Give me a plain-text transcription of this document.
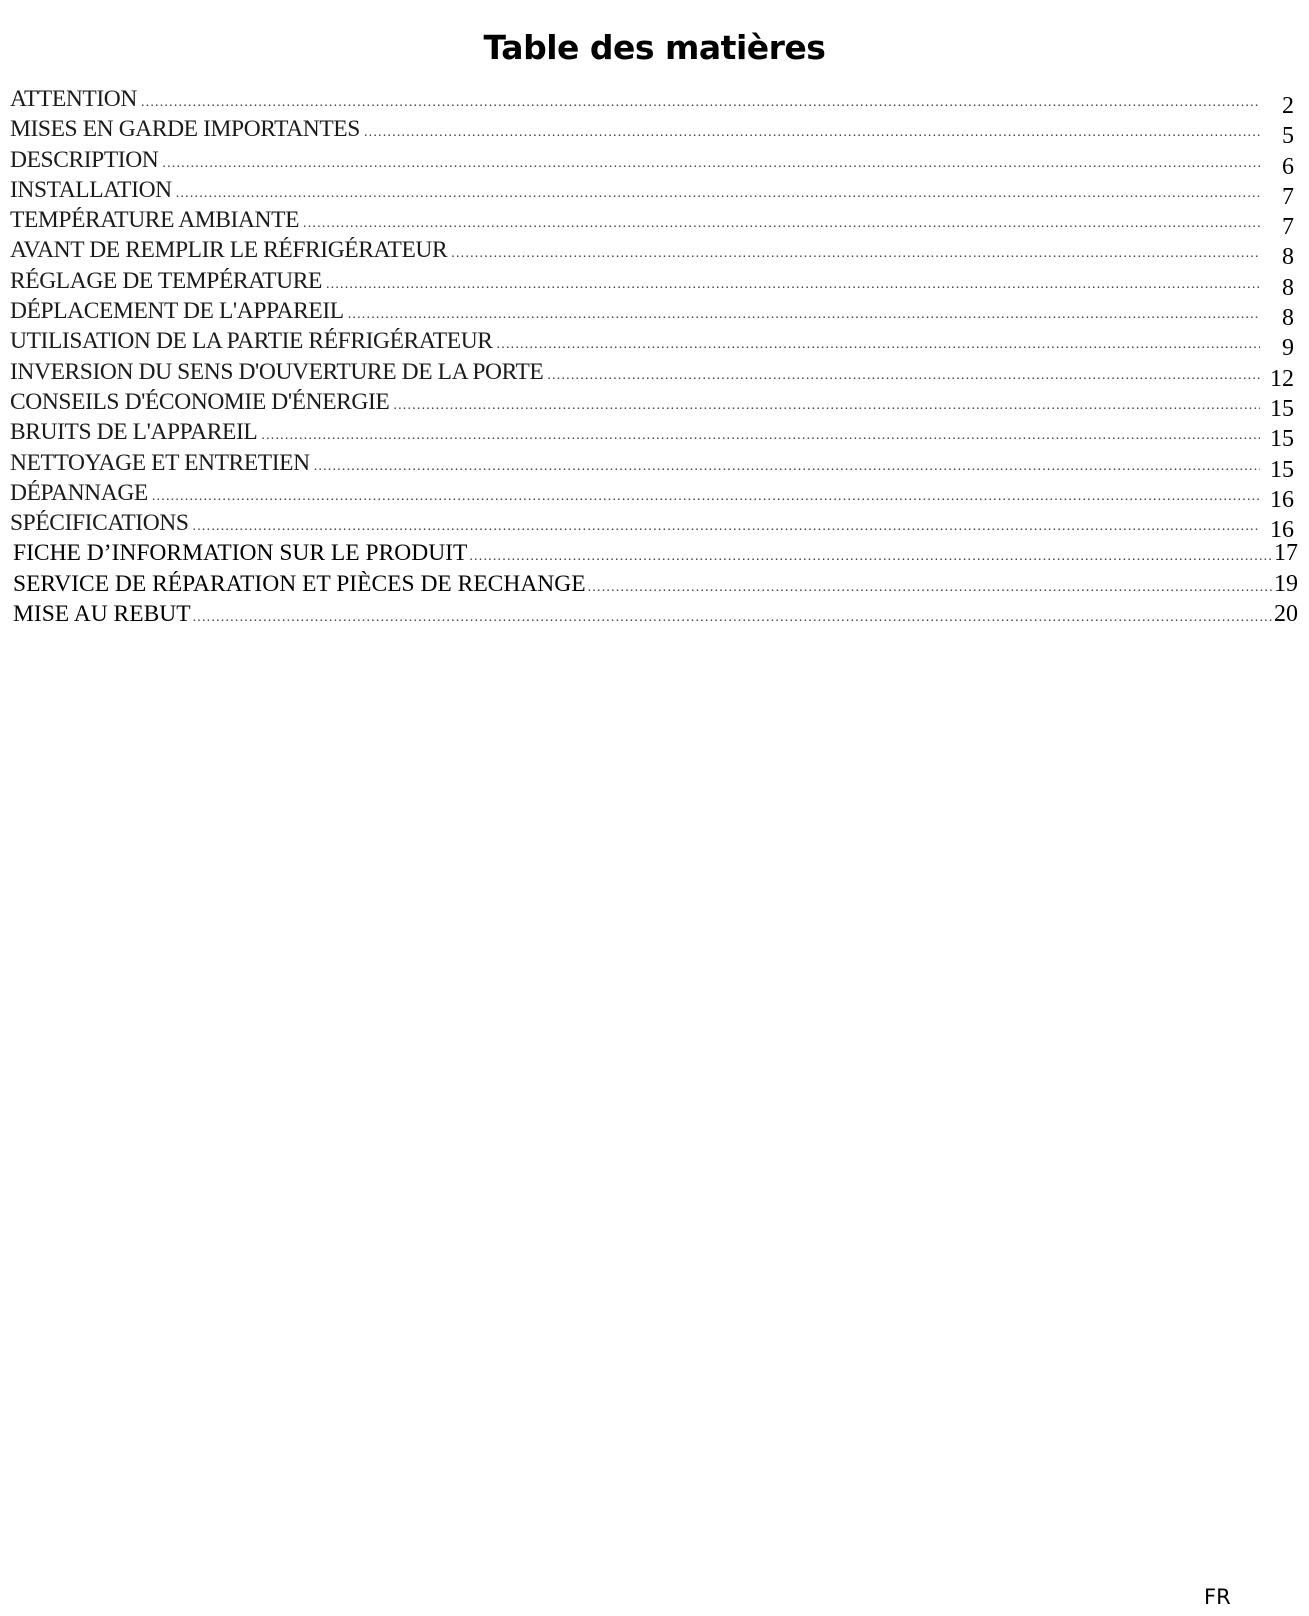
Table des matières
ATTENTION .....	2
MISES EN GARDE IMPORTANTES .....	5
DESCRIPTION .....	6
INSTALLATION .....	7
TEMPÉRATURE AMBIANTE .....	7
AVANT DE REMPLIR LE RÉFRIGÉRATEUR .....	8
RÉGLAGE DE TEMPÉRATURE .....	8
DÉPLACEMENT DE L'APPAREIL .....	8
UTILISATION DE LA PARTIE RÉFRIGÉRATEUR .....	9
INVERSION DU SENS D'OUVERTURE DE LA PORTE .....	12
CONSEILS D'ÉCONOMIE D'ÉNERGIE .....	15
BRUITS DE L'APPAREIL .....	15
NETTOYAGE ET ENTRETIEN .....	15
DÉPANNAGE .....	16
SPÉCIFICATIONS .....	16
FICHE D’INFORMATION SUR LE PRODUIT .....	17
SERVICE DE RÉPARATION ET PIÈCES DE RECHANGE .....	19
MISE AU REBUT .....	20
FR
